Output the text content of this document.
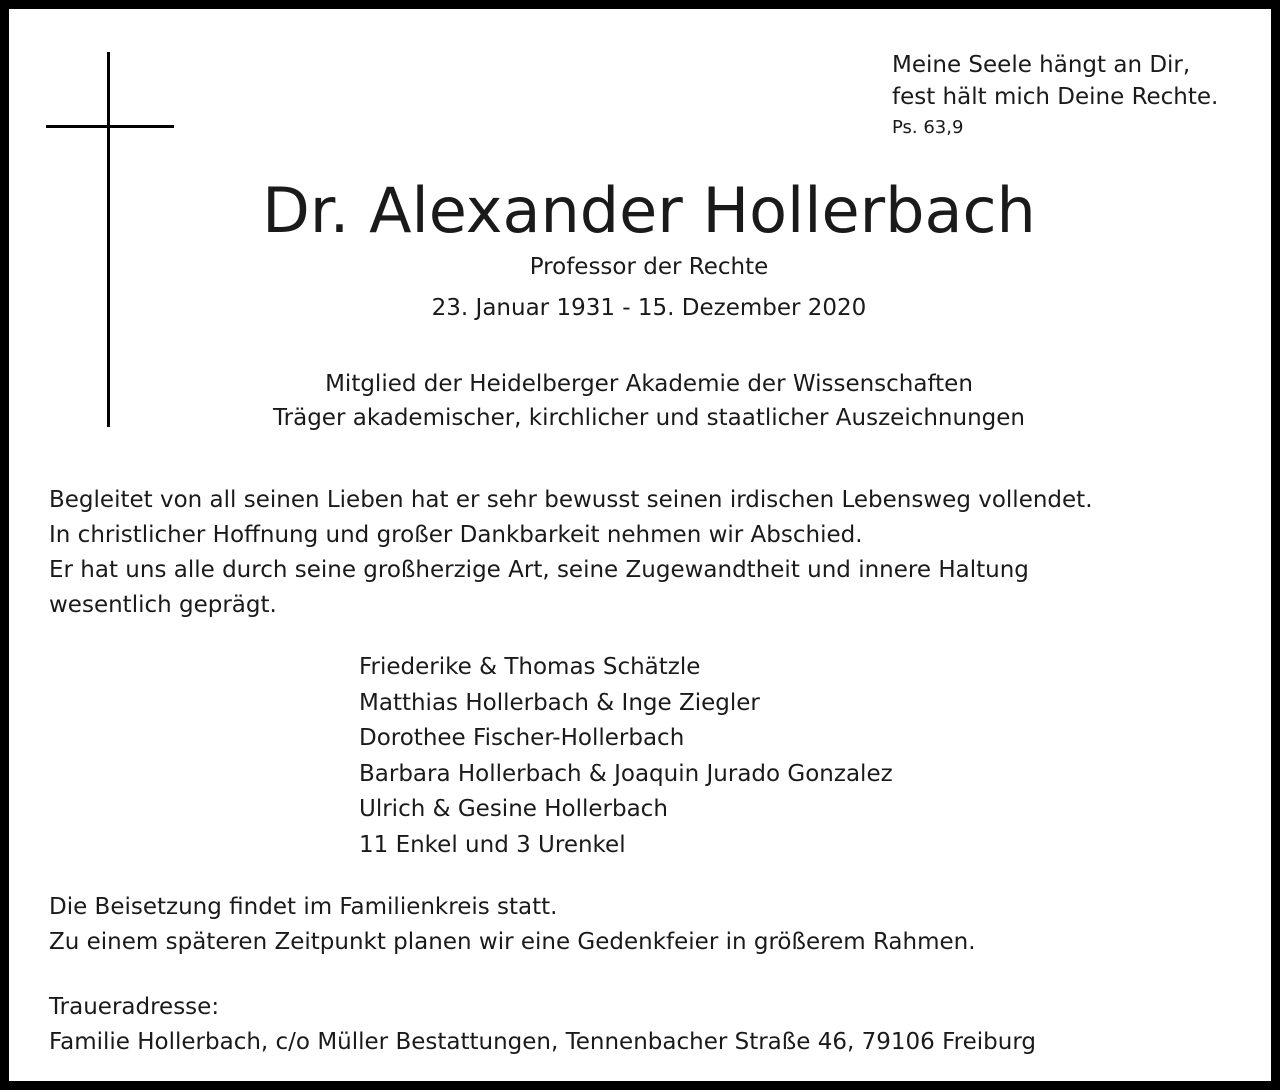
Meine Seele hängt an Dir,
fest hält mich Deine Rechte.
Ps. 63,9
Dr. Alexander Hollerbach
Professor der Rechte
23. Januar 1931 - 15. Dezember 2020
Mitglied der Heidelberger Akademie der Wissenschaften
Träger akademischer, kirchlicher und staatlicher Auszeichnungen
Begleitet von all seinen Lieben hat er sehr bewusst seinen irdischen Lebensweg vollendet.
In christlicher Hoffnung und großer Dankbarkeit nehmen wir Abschied.
Er hat uns alle durch seine großherzige Art, seine Zugewandtheit und innere Haltung
wesentlich geprägt.
Friederike & Thomas Schätzle
Matthias Hollerbach & Inge Ziegler
Dorothee Fischer-Hollerbach
Barbara Hollerbach & Joaquin Jurado Gonzalez
Ulrich & Gesine Hollerbach
11 Enkel und 3 Urenkel
Die Beisetzung findet im Familienkreis statt.
Zu einem späteren Zeitpunkt planen wir eine Gedenkfeier in größerem Rahmen.
Traueradresse:
Familie Hollerbach, c/o Müller Bestattungen, Tennenbacher Straße 46, 79106 Freiburg
